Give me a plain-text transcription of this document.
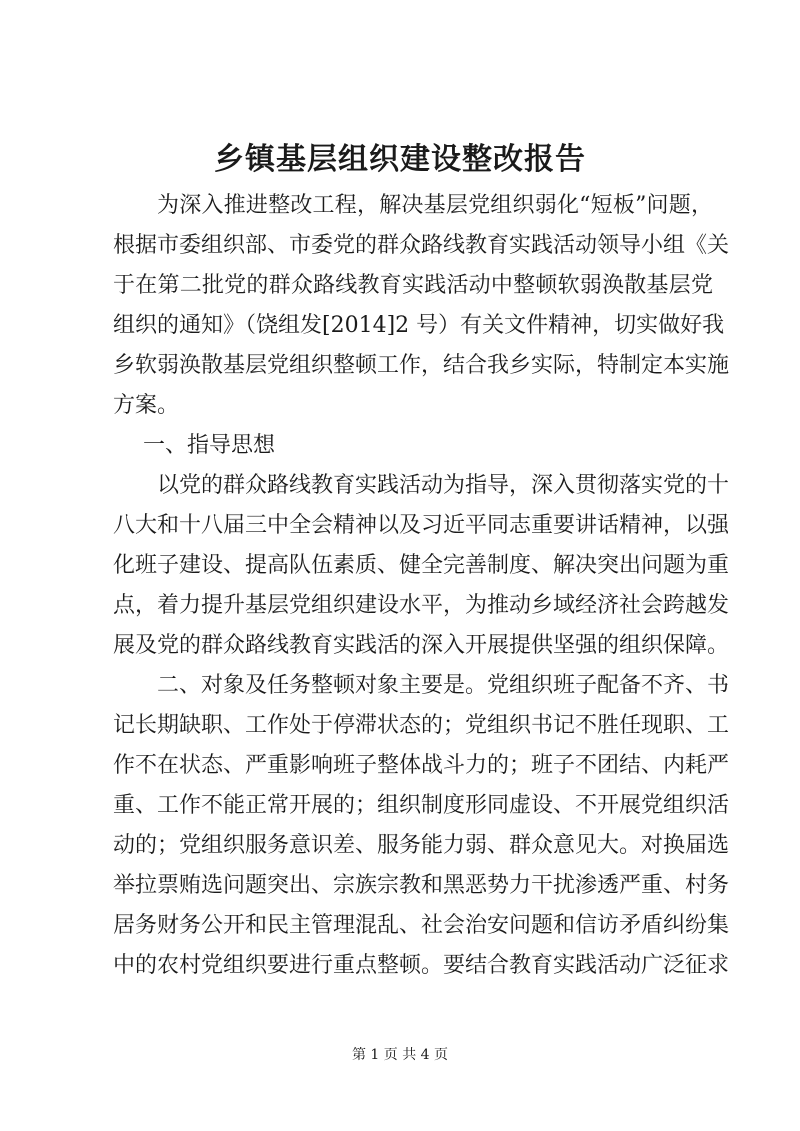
乡镇基层组织建设整改报告
为深入推进整改工程，解决基层党组织弱化“短板”问题，
根据市委组织部、市委党的群众路线教育实践活动领导小组《关
于在第二批党的群众路线教育实践活动中整顿软弱涣散基层党
组织的通知》（饶组发[2014]2 号）有关文件精神，切实做好我
乡软弱涣散基层党组织整顿工作，结合我乡实际，特制定本实施
方案。
一、指导思想
以党的群众路线教育实践活动为指导，深入贯彻落实党的十
八大和十八届三中全会精神以及习近平同志重要讲话精神，以强
化班子建设、提高队伍素质、健全完善制度、解决突出问题为重
点，着力提升基层党组织建设水平，为推动乡域经济社会跨越发
展及党的群众路线教育实践活的深入开展提供坚强的组织保障。
二、对象及任务整顿对象主要是。党组织班子配备不齐、书
记长期缺职、工作处于停滞状态的；党组织书记不胜任现职、工
作不在状态、严重影响班子整体战斗力的；班子不团结、内耗严
重、工作不能正常开展的；组织制度形同虚设、不开展党组织活
动的；党组织服务意识差、服务能力弱、群众意见大。对换届选
举拉票贿选问题突出、宗族宗教和黑恶势力干扰渗透严重、村务
居务财务公开和民主管理混乱、社会治安问题和信访矛盾纠纷集
中的农村党组织要进行重点整顿。要结合教育实践活动广泛征求
第 1 页 共 4 页
